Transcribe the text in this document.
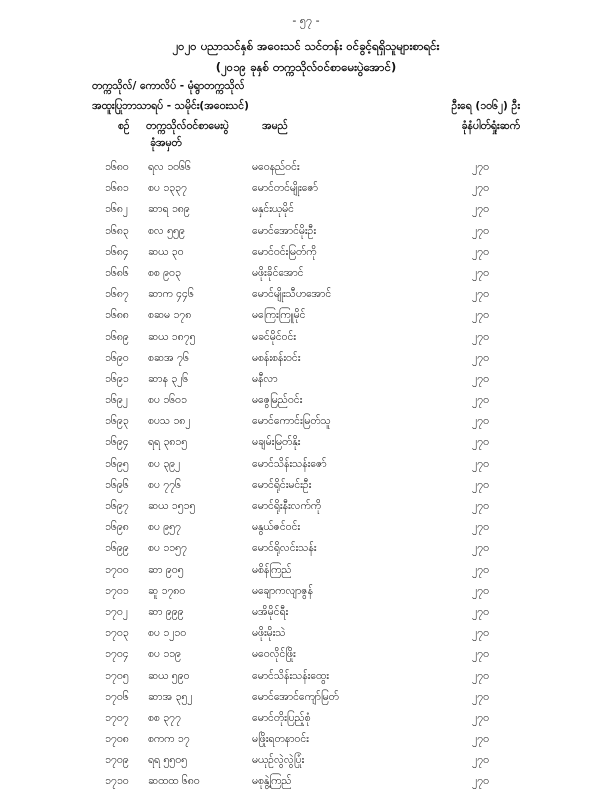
- ၅၇ -
၂၀၂၀ ပညာသင်နှစ် အဝေးသင် သင်တန်း ဝင်ခွင့်ရရှိသူများစာရင်း
(၂၀၁၉ ခုနှစ် တက္ကသိုလ်ဝင်စာမေးပွဲအောင်)
တက္ကသိုလ်/ ကောလိပ် - မုံရွာတက္ကသိုလ်
အထူးပြုဘာသာရပ် - သမိုင်း(အဝေးသင်)	ဦးရေ (၁၀၆၂) ဦး
စဉ် တက္ကသိုလ်ဝင်စာမေးပွဲ
ခုံအမှတ်
အမည်	ခုံနံပါတ်ရှုံးဆက်
၁၆၈၀ ရလ ၁၀၆၆	မဝေနည်ဝင်း	၂၇၀
၁၆၈၁ စပ ၁၃၃၇	မောင်တင်မျိုးဇော်	၂၇၀
၁၆၈၂ ဆာရ ၁၈၉	မနှင်းယုမိုင်	၂၇၀
၁၆၈၃ စလ ၅၅၉	မောင်အောင်မိုးဦး	၂၇၀
၁၆၈၄ ဆယ ၃၀	မောင်ဝင်းမြတ်ကို	၂၇၀
၁၆၈၆ စစ ၉၀၃	မဖိုးခိုင်အောင်	၂၇၀
၁၆၈၇ ဆာက ၄၄၆	မောင်မျိုးသီဟအောင်	၂၇၀
၁၆၈၈ စဆမ ၁၇၈	မကြေးကြူမိုင်	၂၇၀
၁၆၈၉ ဆယ ၁၈၇၅	မခင်မိုင်ဝင်း	၂၇၀
၁၆၉၀ စဆအ ၇၆	မစန်းစန်းဝင်း	၂၇၀
၁၆၉၁ ဆာန ၃၂၆	မနီလာ	၂၇၀
၁၆၉၂ စပ ၁၆၀၁	မဇွေမြည်ဝင်း	၂၇၀
၁၆၉၃ စပသ ၁၈၂	မောင်ကောင်းမြတ်သူ	၂၇၀
၁၆၉၄ ရရ ၃၈၁၅	မချမ်းမြတ်နိုး	၂၇၀
၁၆၉၅ စပ ၃၉၂	မောင်သိန်းသန်းဇော်	၂၇၀
၁၆၉၆ စပ ၇၇၆	မောင်ရိုင်းမင်းဦး	၂၇၀
၁၆၉၇ ဆယ ၁၅၁၅	မောင်ရိုးနီးလက်ကို	၂၇၀
၁၆၉၈ စပ ၉၅၇	မနွယ်ဇင်ဝင်း	၂၇၀
၁၆၉၉ စပ ၁၁၅၇	မောင်ရိုလင်းသန်း	၂၇၀
၁၇၀၀ ဆာ ၉၀၅	မစိန်ကြည်	၂၇၀
၁၇၀၁ ဆူ ၁၇၈၀	မချောကလျာဇွန်	၂၇၀
၁၇၀၂ ဆာ ၉၉၉	မအိမိုင်ရီး	၂၇၀
၁၇၀၃ စပ ၁၂၁၀	မဖိုးမိုးသဲ	၂၇၀
၁၇၀၄ စပ ၁၁၉	မဝေလိုင်ဖြိုး	၂၇၀
၁၇၀၅ ဆယ ၅၉၀	မောင်သိန်းသန်းထွေး	၂၇၀
၁၇၀၆ ဆာအ ၃၅၂	မောင်အောင်ကျော်မြတ်	၂၇၀
၁၇၀၇ စစ ၃၇၇	မောင်တိုးပြည့်စုံ	၂၇၀
၁၇၀၈ စကက ၁၇	မဖြိုးရတနာဝင်း	၂၇၀
၁၇၀၉ ရရ ၅၅၀၅	မယုဉ်လွဲလွဲပြုံး	၂၇၀
၁၇၁၀ ဆထထ ၆၈၀	မစုနွဲ့ကြည်	၂၇၀
